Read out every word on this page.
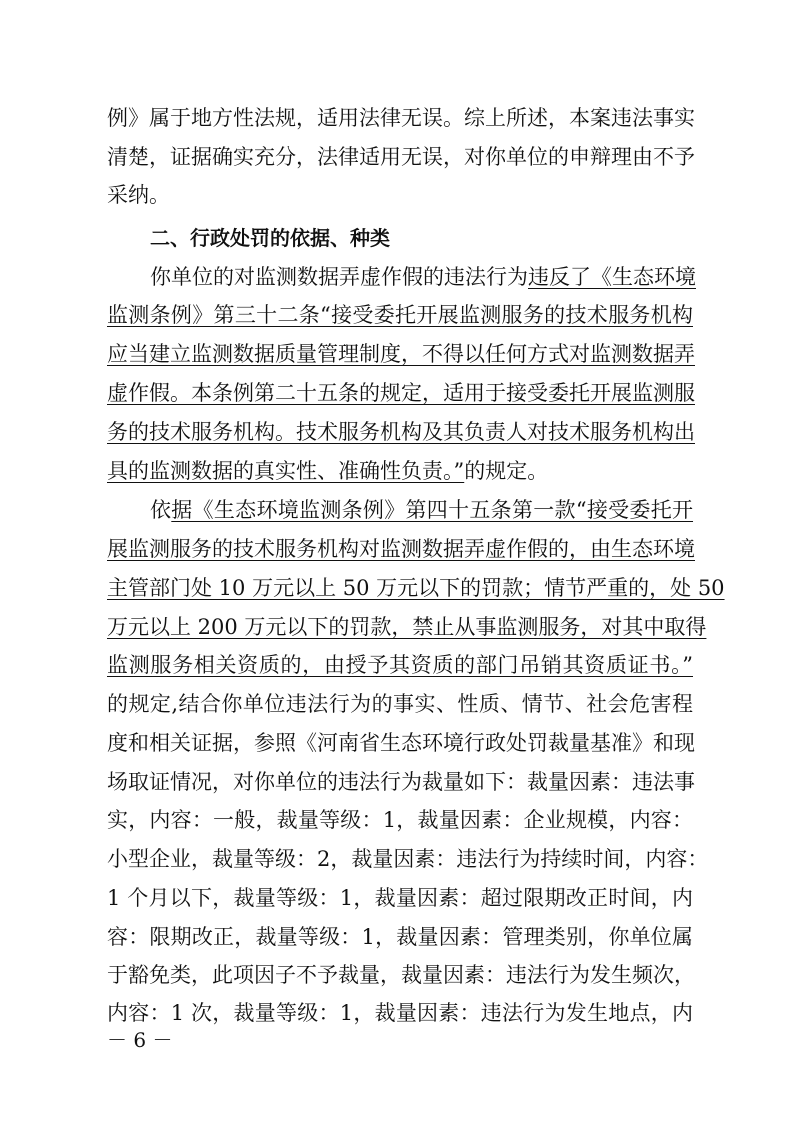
例》属于地方性法规，适用法律无误。综上所述，本案违法事实
清楚，证据确实充分，法律适用无误，对你单位的申辩理由不予
采纳。
二、行政处罚的依据、种类
你单位的对监测数据弄虚作假的违法行为违反了《生态环境
监测条例》第三十二条“接受委托开展监测服务的技术服务机构
应当建立监测数据质量管理制度，不得以任何方式对监测数据弄
虚作假。本条例第二十五条的规定，适用于接受委托开展监测服
务的技术服务机构。技术服务机构及其负责人对技术服务机构出
具的监测数据的真实性、准确性负责。”的规定。
依据《生态环境监测条例》第四十五条第一款“接受委托开
展监测服务的技术服务机构对监测数据弄虚作假的，由生态环境
主管部门处 10 万元以上 50 万元以下的罚款；情节严重的，处 50
万元以上 200 万元以下的罚款，禁止从事监测服务，对其中取得
监测服务相关资质的，由授予其资质的部门吊销其资质证书。”
的规定,结合你单位违法行为的事实、性质、情节、社会危害程
度和相关证据，参照《河南省生态环境行政处罚裁量基准》和现
场取证情况，对你单位的违法行为裁量如下：裁量因素：违法事
实，内容：一般，裁量等级：1，裁量因素：企业规模，内容：
小型企业，裁量等级：2，裁量因素：违法行为持续时间，内容：
1 个月以下，裁量等级：1，裁量因素：超过限期改正时间，内
容：限期改正，裁量等级：1，裁量因素：管理类别，你单位属
于豁免类，此项因子不予裁量，裁量因素：违法行为发生频次，
内容：1 次，裁量等级：1，裁量因素：违法行为发生地点，内
－ 6 －
